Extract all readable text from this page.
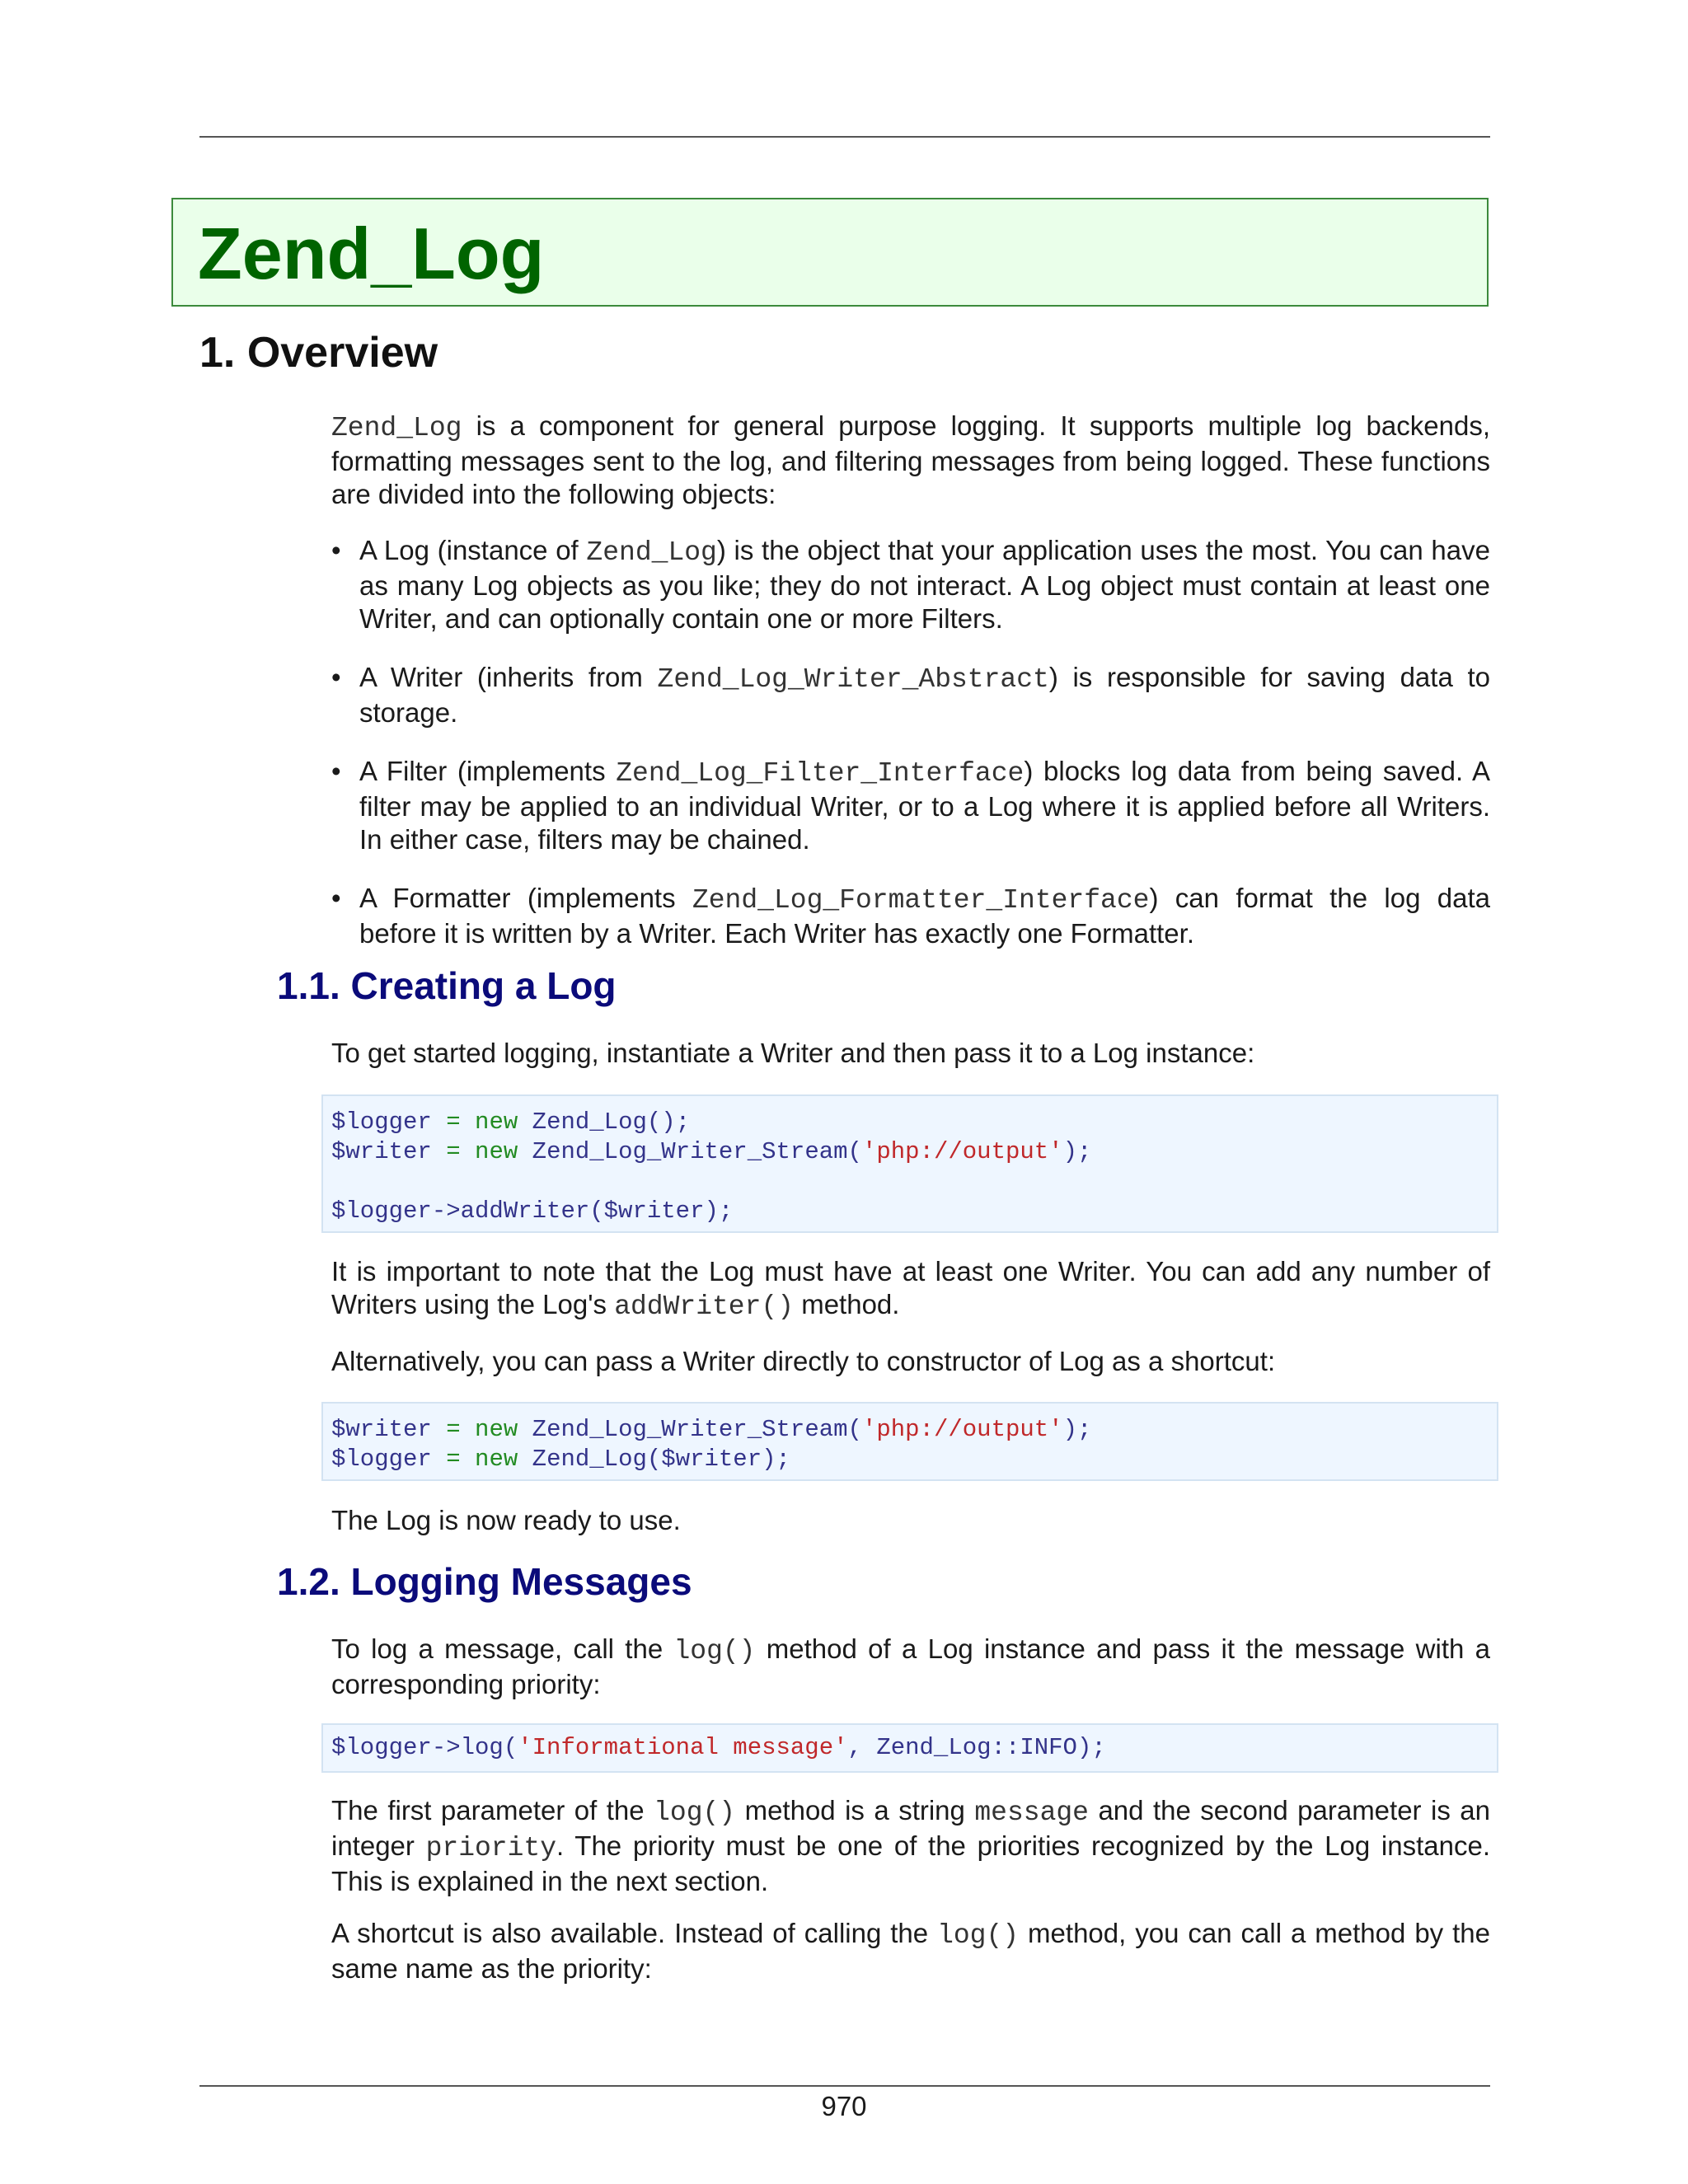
Zend_Log
1. Overview

Zend_Log is a component for general purpose logging. It supports multiple log backends, formatting messages sent to the log, and filtering messages from being logged. These functions are divided into the following objects:

• A Log (instance of Zend_Log) is the object that your application uses the most. You can have as many Log objects as you like; they do not interact. A Log object must contain at least one Writer, and can optionally contain one or more Filters.
• A Writer (inherits from Zend_Log_Writer_Abstract) is responsible for saving data to storage.
• A Filter (implements Zend_Log_Filter_Interface) blocks log data from being saved. A filter may be applied to an individual Writer, or to a Log where it is applied before all Writers. In either case, filters may be chained.
• A Formatter (implements Zend_Log_Formatter_Interface) can format the log data before it is written by a Writer. Each Writer has exactly one Formatter.
1.1. Creating a Log

To get started logging, instantiate a Writer and then pass it to a Log instance:

$logger = new Zend_Log();
$writer = new Zend_Log_Writer_Stream('php://output');

$logger->addWriter($writer);

It is important to note that the Log must have at least one Writer. You can add any number of Writers using the Log's addWriter() method.

Alternatively, you can pass a Writer directly to constructor of Log as a shortcut:

$writer = new Zend_Log_Writer_Stream('php://output');
$logger = new Zend_Log($writer);

The Log is now ready to use.

1.2. Logging Messages

To log a message, call the log() method of a Log instance and pass it the message with a corresponding priority:

$logger->log('Informational message', Zend_Log::INFO);

The first parameter of the log() method is a string message and the second parameter is an integer priority. The priority must be one of the priorities recognized by the Log instance. This is explained in the next section.

A shortcut is also available. Instead of calling the log() method, you can call a method by the same name as the priority:

970
